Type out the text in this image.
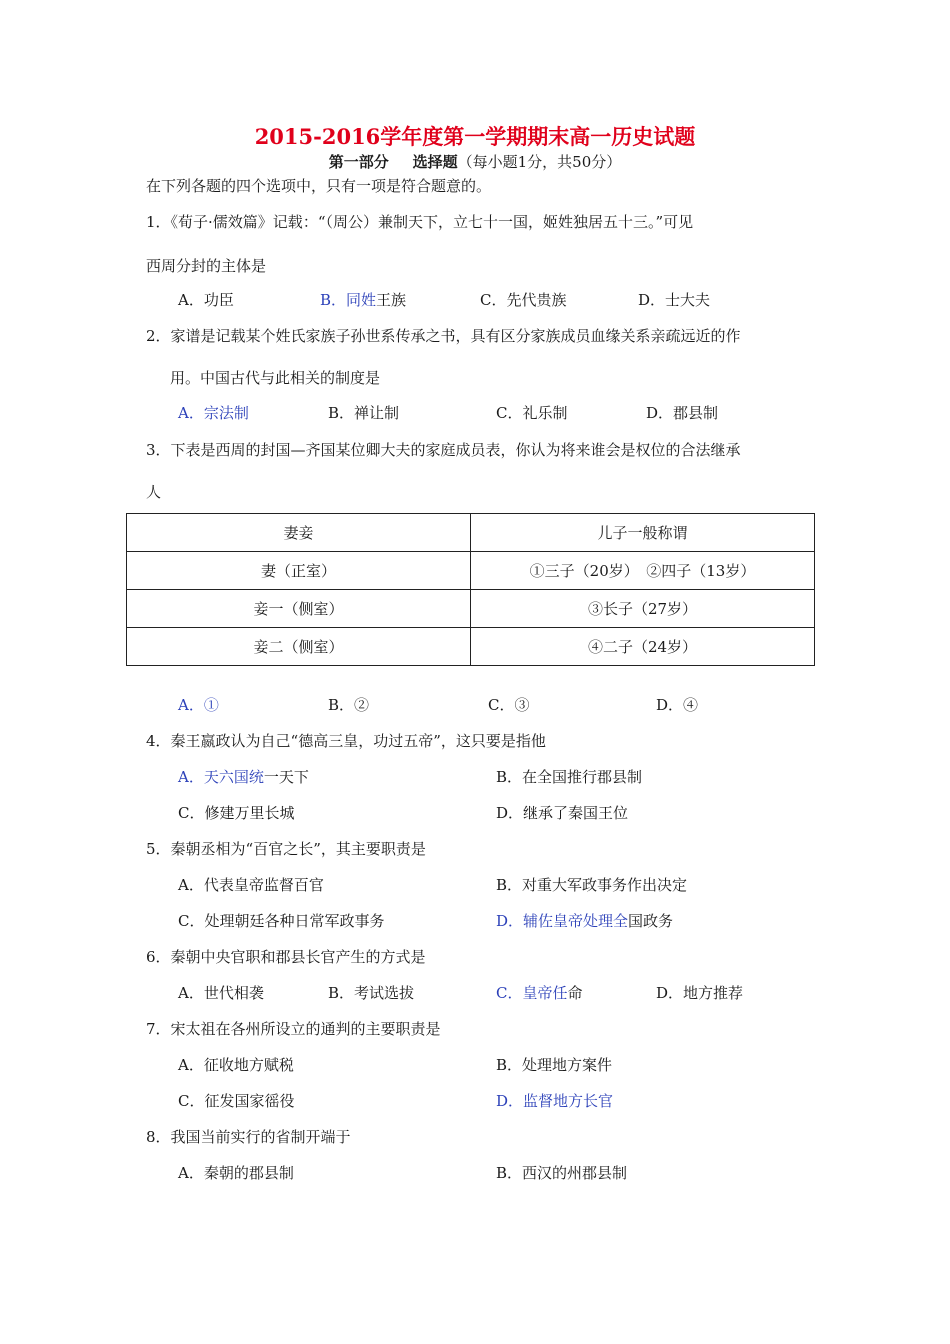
2015-2016学年度第一学期期末高一历史试题
第一部分 选择题（每小题1分，共50分）
在下列各题的四个选项中，只有一项是符合题意的。
1．《荀子·儒效篇》记载：“（周公）兼制天下，立七十一国，姬姓独居五十三。”可见
西周分封的主体是
A．功臣	B．同姓王族	C．先代贵族	D．士大夫
2．家谱是记载某个姓氏家族子孙世系传承之书，具有区分家族成员血缘关系亲疏远近的作
用。中国古代与此相关的制度是
A．宗法制	B．禅让制	C．礼乐制	D．郡县制
3．下表是西周的封国—齐国某位卿大夫的家庭成员表，你认为将来谁会是权位的合法继承
人
妻妾	儿子一般称谓
妻（正室）	①三子（20岁）　②四子（13岁）
妾一（侧室）	③长子（27岁）
妾二（侧室）	④二子（24岁）
A．①	B．②	C．③	D．④
4．秦王嬴政认为自己“德高三皇，功过五帝”，这只要是指他
A．天六国统一天下	B．在全国推行郡县制
C．修建万里长城	D．继承了秦国王位
5．秦朝丞相为“百官之长”，其主要职责是
A．代表皇帝监督百官	B．对重大军政事务作出决定
C．处理朝廷各种日常军政事务	D．辅佐皇帝处理全国政务
6．秦朝中央官职和郡县长官产生的方式是
A．世代相袭	B．考试选拔	C．皇帝任命	D．地方推荐
7．宋太祖在各州所设立的通判的主要职责是
A．征收地方赋税	B．处理地方案件
C．征发国家徭役	D．监督地方长官
8．我国当前实行的省制开端于
A．秦朝的郡县制	B．西汉的州郡县制
